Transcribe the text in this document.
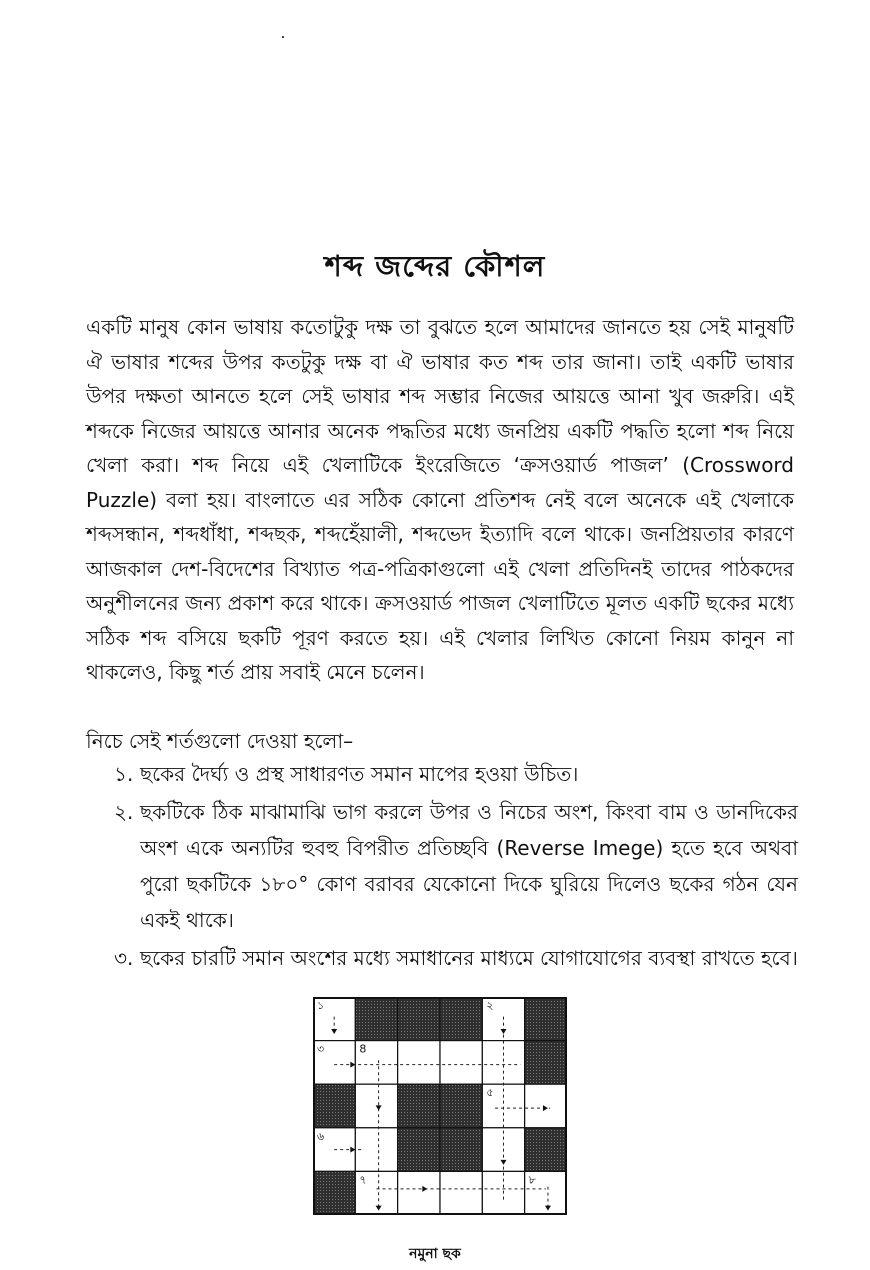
শব্দ জব্দের কৌশল

একটি মানুষ কোন ভাষায় কতোটুকু দক্ষ তা বুঝতে হলে আমাদের জানতে হয় সেই মানুষটি ঐ ভাষার শব্দের উপর কতটুকু দক্ষ বা ঐ ভাষার কত শব্দ তার জানা। তাই একটি ভাষার উপর দক্ষতা আনতে হলে সেই ভাষার শব্দ সম্ভার নিজের আয়ত্তে আনা খুব জরুরি। এই শব্দকে নিজের আয়ত্তে আনার অনেক পদ্ধতির মধ্যে জনপ্রিয় একটি পদ্ধতি হলো শব্দ নিয়ে খেলা করা। শব্দ নিয়ে এই খেলাটিকে ইংরেজিতে ‘ক্রসওয়ার্ড পাজল’ (Crossword Puzzle) বলা হয়। বাংলাতে এর সঠিক কোনো প্রতিশব্দ নেই বলে অনেকে এই খেলাকে শব্দসন্ধান, শব্দধাঁধা, শব্দছক, শব্দহেঁয়ালী, শব্দভেদ ইত্যাদি বলে থাকে। জনপ্রিয়তার কারণে আজকাল দেশ-বিদেশের বিখ্যাত পত্র-পত্রিকাগুলো এই খেলা প্রতিদিনই তাদের পাঠকদের অনুশীলনের জন্য প্রকাশ করে থাকে। ক্রসওয়ার্ড পাজল খেলাটিতে মূলত একটি ছকের মধ্যে সঠিক শব্দ বসিয়ে ছকটি পূরণ করতে হয়। এই খেলার লিখিত কোনো নিয়ম কানুন না থাকলেও, কিছু শর্ত প্রায় সবাই মেনে চলেন।

নিচে সেই শর্তগুলো দেওয়া হলো–

১. ছকের দৈর্ঘ্য ও প্রস্থ সাধারণত সমান মাপের হওয়া উচিত।
২. ছকটিকে ঠিক মাঝামাঝি ভাগ করলে উপর ও নিচের অংশ, কিংবা বাম ও ডানদিকের অংশ একে অন্যটির হুবহু বিপরীত প্রতিচ্ছবি (Reverse Imege) হতে হবে অথবা পুরো ছকটিকে ১৮০° কোণ বরাবর যেকোনো দিকে ঘুরিয়ে দিলেও ছকের গঠন যেন একই থাকে।
৩. ছকের চারটি সমান অংশের মধ্যে সমাধানের মাধ্যমে যোগাযোগের ব্যবস্থা রাখতে হবে।
১	২
৩	8
৫
৬
৭	৮
নমুনা ছক
